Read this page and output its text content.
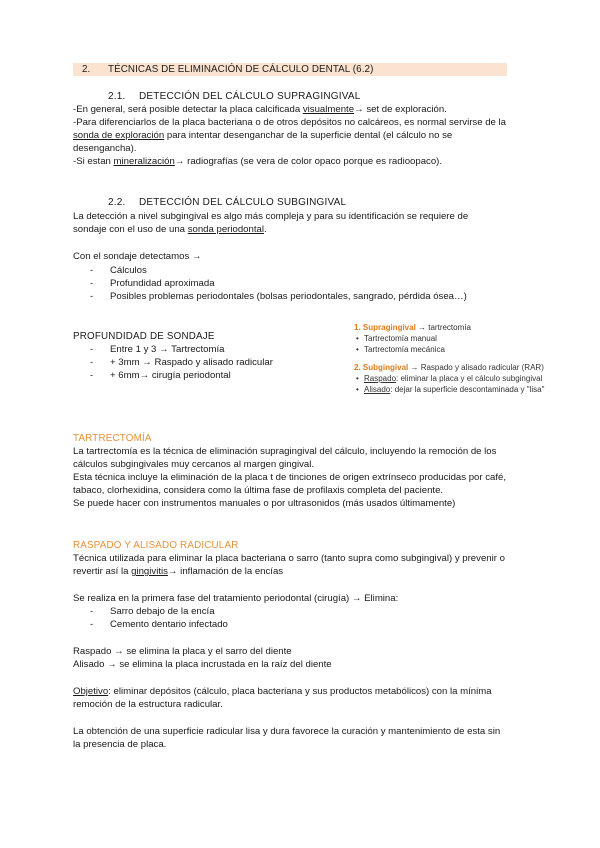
2. TÉCNICAS DE ELIMINACIÓN DE CÁLCULO DENTAL (6.2)
2.1. DETECCIÓN DEL CÁLCULO SUPRAGINGIVAL
-En general, será posible detectar la placa calcificada visualmente→ set de exploración.
-Para diferenciarlos de la placa bacteriana o de otros depósitos no calcáreos, es normal servirse de la
sonda de exploración para intentar desenganchar de la superficie dental (el cálculo no se
desengancha).
-Si estan mineralización→ radiografías (se vera de color opaco porque es radioopaco).
2.2. DETECCIÓN DEL CÁLCULO SUBGINGIVAL
La detección a nivel subgingival es algo más compleja y para su identificación se requiere de
sondaje con el uso de una sonda periodontal.
Con el sondaje detectamos →
- Cálculos
- Profundidad aproximada
- Posibles problemas periodontales (bolsas periodontales, sangrado, pérdida ósea…)
PROFUNDIDAD DE SONDAJE
- Entre 1 y 3 → Tartrectomía
- + 3mm → Raspado y alisado radicular
- + 6mm→ cirugía periodontal
1. Supragingival → tartrectomía
• Tartrectomía manual
• Tartrectomía mecánica
2. Subgingival → Raspado y alisado radicular (RAR)
• Raspado: eliminar la placa y el cálculo subgingival
• Alisado: dejar la superficie descontaminada y "lisa"
TARTRECTOMÍA
La tartrectomía es la técnica de eliminación supragingival del cálculo, incluyendo la remoción de los
cálculos subgingivales muy cercanos al margen gingival.
Esta técnica incluye la eliminación de la placa t de tinciones de origen extrínseco producidas por café,
tabaco, clorhexidina, considera como la última fase de profilaxis completa del paciente.
Se puede hacer con instrumentos manuales o por ultrasonidos (más usados últimamente)
RASPADO Y ALISADO RADICULAR
Técnica utilizada para eliminar la placa bacteriana o sarro (tanto supra como subgingival) y prevenir o
revertir así la gingivitis→ inflamación de la encías
Se realiza en la primera fase del tratamiento periodontal (cirugía) → Elimina:
- Sarro debajo de la encía
- Cemento dentario infectado
Raspado → se elimina la placa y el sarro del diente
Alisado → se elimina la placa incrustada en la raíz del diente
Objetivo: eliminar depósitos (cálculo, placa bacteriana y sus productos metabólicos) con la mínima
remoción de la estructura radicular.
La obtención de una superficie radicular lisa y dura favorece la curación y mantenimiento de esta sin
la presencia de placa.
